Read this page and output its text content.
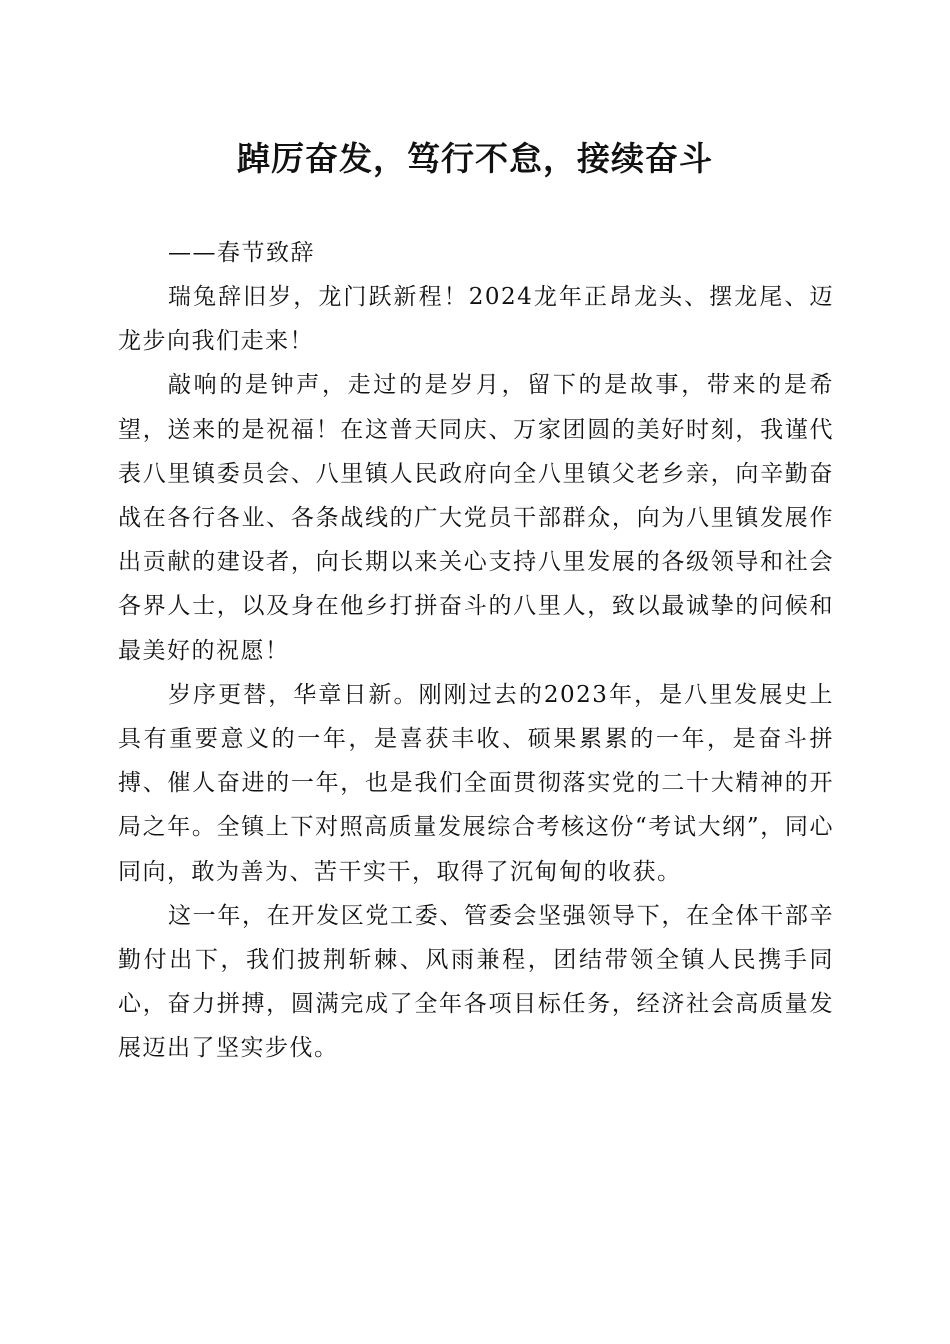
踔厉奋发，笃行不怠，接续奋斗

——春节致辞

瑞兔辞旧岁，龙门跃新程！2024龙年正昂龙头、摆龙尾、迈龙步向我们走来！

敲响的是钟声，走过的是岁月，留下的是故事，带来的是希望，送来的是祝福！在这普天同庆、万家团圆的美好时刻，我谨代表八里镇委员会、八里镇人民政府向全八里镇父老乡亲，向辛勤奋战在各行各业、各条战线的广大党员干部群众，向为八里镇发展作出贡献的建设者，向长期以来关心支持八里发展的各级领导和社会各界人士，以及身在他乡打拼奋斗的八里人，致以最诚挚的问候和最美好的祝愿！

岁序更替，华章日新。刚刚过去的2023年，是八里发展史上具有重要意义的一年，是喜获丰收、硕果累累的一年，是奋斗拼搏、催人奋进的一年，也是我们全面贯彻落实党的二十大精神的开局之年。全镇上下对照高质量发展综合考核这份“考试大纲”，同心同向，敢为善为、苦干实干，取得了沉甸甸的收获。

这一年，在开发区党工委、管委会坚强领导下，在全体干部辛勤付出下，我们披荆斩棘、风雨兼程，团结带领全镇人民携手同心，奋力拼搏，圆满完成了全年各项目标任务，经济社会高质量发展迈出了坚实步伐。
